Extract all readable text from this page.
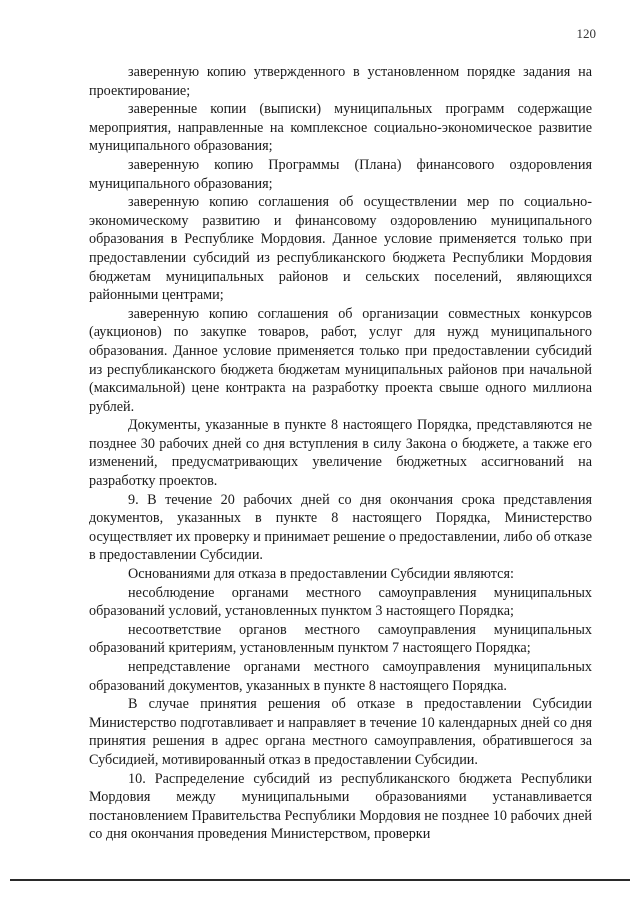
120

заверенную копию утвержденного в установленном порядке задания на проектирование;

заверенные копии (выписки) муниципальных программ содержащие мероприятия, направленные на комплексное социально-экономическое развитие муниципального образования;

заверенную копию Программы (Плана) финансового оздоровления муниципального образования;

заверенную копию соглашения об осуществлении мер по социально-экономическому развитию и финансовому оздоровлению муниципального образования в Республике Мордовия. Данное условие применяется только при предоставлении субсидий из республиканского бюджета Республики Мордовия бюджетам муниципальных районов и сельских поселений, являющихся районными центрами;

заверенную копию соглашения об организации совместных конкурсов (аукционов) по закупке товаров, работ, услуг для нужд муниципального образования. Данное условие применяется только при предоставлении субсидий из республиканского бюджета бюджетам муниципальных районов при начальной (максимальной) цене контракта на разработку проекта свыше одного миллиона рублей.

Документы, указанные в пункте 8 настоящего Порядка, представляются не позднее 30 рабочих дней со дня вступления в силу Закона о бюджете, а также его изменений, предусматривающих увеличение бюджетных ассигнований на разработку проектов.

9. В течение 20 рабочих дней со дня окончания срока представления документов, указанных в пункте 8 настоящего Порядка, Министерство осуществляет их проверку и принимает решение о предоставлении, либо об отказе в предоставлении Субсидии.

Основаниями для отказа в предоставлении Субсидии являются:

несоблюдение органами местного самоуправления муниципальных образований условий, установленных пунктом 3 настоящего Порядка;

несоответствие органов местного самоуправления муниципальных образований критериям, установленным пунктом 7 настоящего Порядка;

непредставление органами местного самоуправления муниципальных образований документов, указанных в пункте 8 настоящего Порядка.

В случае принятия решения об отказе в предоставлении Субсидии Министерство подготавливает и направляет в течение 10 календарных дней со дня принятия решения в адрес органа местного самоуправления, обратившегося за Субсидией, мотивированный отказ в предоставлении Субсидии.

10. Распределение субсидий из республиканского бюджета Республики Мордовия между муниципальными образованиями устанавливается постановлением Правительства Республики Мордовия не позднее 10 рабочих дней со дня окончания проведения Министерством, проверки
